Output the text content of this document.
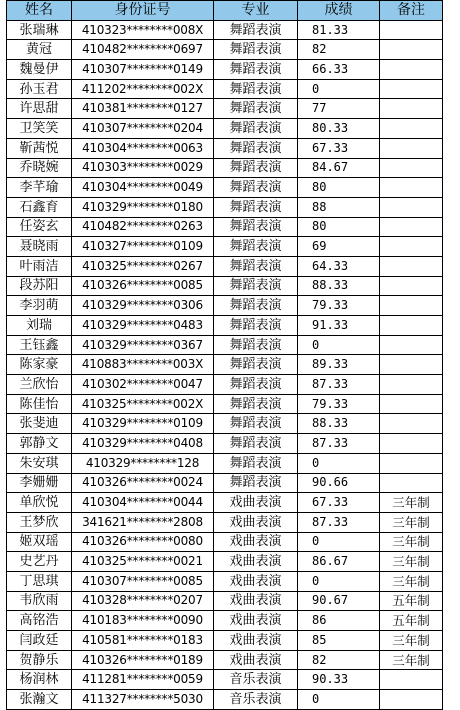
姓名	身份证号	专业	成绩	备注
张瑞琳	410323********008X	舞蹈表演	81.33	
黄冠	410482********0697	舞蹈表演	82	
魏曼伊	410307********0149	舞蹈表演	66.33	
孙玉君	411202********002X	舞蹈表演	0	
许思甜	410381********0127	舞蹈表演	77	
卫笑笑	410307********0204	舞蹈表演	80.33	
靳茜悦	410304********0063	舞蹈表演	67.33	
乔晓婉	410303********0029	舞蹈表演	84.67	
李芊瑜	410304********0049	舞蹈表演	80	
石鑫育	410329********0180	舞蹈表演	88	
任姿玄	410482********0263	舞蹈表演	80	
聂晓雨	410327********0109	舞蹈表演	69	
叶雨洁	410325********0267	舞蹈表演	64.33	
段苏阳	410326********0085	舞蹈表演	88.33	
李羽萌	410329********0306	舞蹈表演	79.33	
刘瑞	410329********0483	舞蹈表演	91.33	
王钰鑫	410329********0367	舞蹈表演	0	
陈家豪	410883********003X	舞蹈表演	89.33	
兰欣怡	410302********0047	舞蹈表演	87.33	
陈佳怡	410325********002X	舞蹈表演	79.33	
张斐迪	410329********0109	舞蹈表演	88.33	
郭静文	410329********0408	舞蹈表演	87.33	
朱安琪	410329********128	舞蹈表演	0	
李姗姗	410326********0024	舞蹈表演	90.66	
单欣悦	410304********0044	戏曲表演	67.33	三年制
王梦欣	341621********2808	戏曲表演	87.33	三年制
姬双瑶	410326********0080	戏曲表演	0	三年制
史艺丹	410325********0021	戏曲表演	86.67	三年制
丁思琪	410307********0085	戏曲表演	0	三年制
韦欣雨	410328********0207	戏曲表演	90.67	五年制
高铭浩	410183********0090	戏曲表演	86	五年制
闫政廷	410581********0183	戏曲表演	85	三年制
贺静乐	410326********0189	戏曲表演	82	三年制
杨润林	411281********0059	音乐表演	90.33	
张瀚文	411327********5030	音乐表演	0	
